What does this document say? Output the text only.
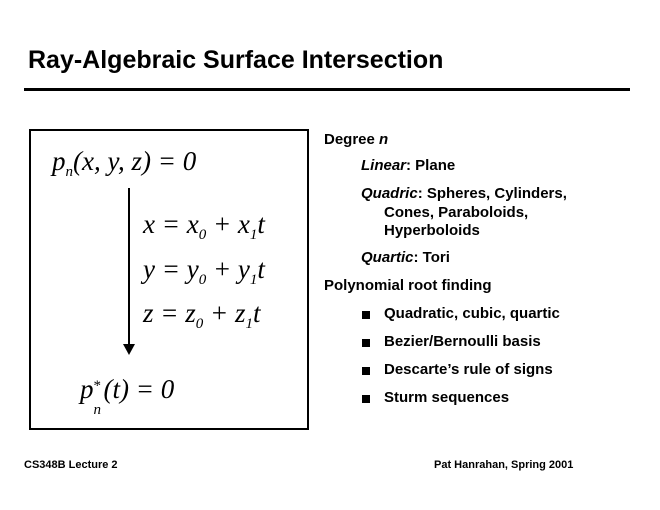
Ray-Algebraic Surface Intersection
$p_n(x$, y, z) = 0
$x = x_0 + x_1t$
$y = y_0 + y_1t$
$z = z_0 + z_1t$
p *
n
(t) = 0
Degree n
Linear: Plane
Quadric: Spheres, Cylinders,
Cones, Paraboloids,
Hyperboloids
Quartic: Tori
Polynomial root finding
Quadratic, cubic, quartic
Bezier/Bernoulli basis
Descarte’s rule of signs
Sturm sequences
CS348B Lecture 2	Pat Hanrahan, Spring 2001
